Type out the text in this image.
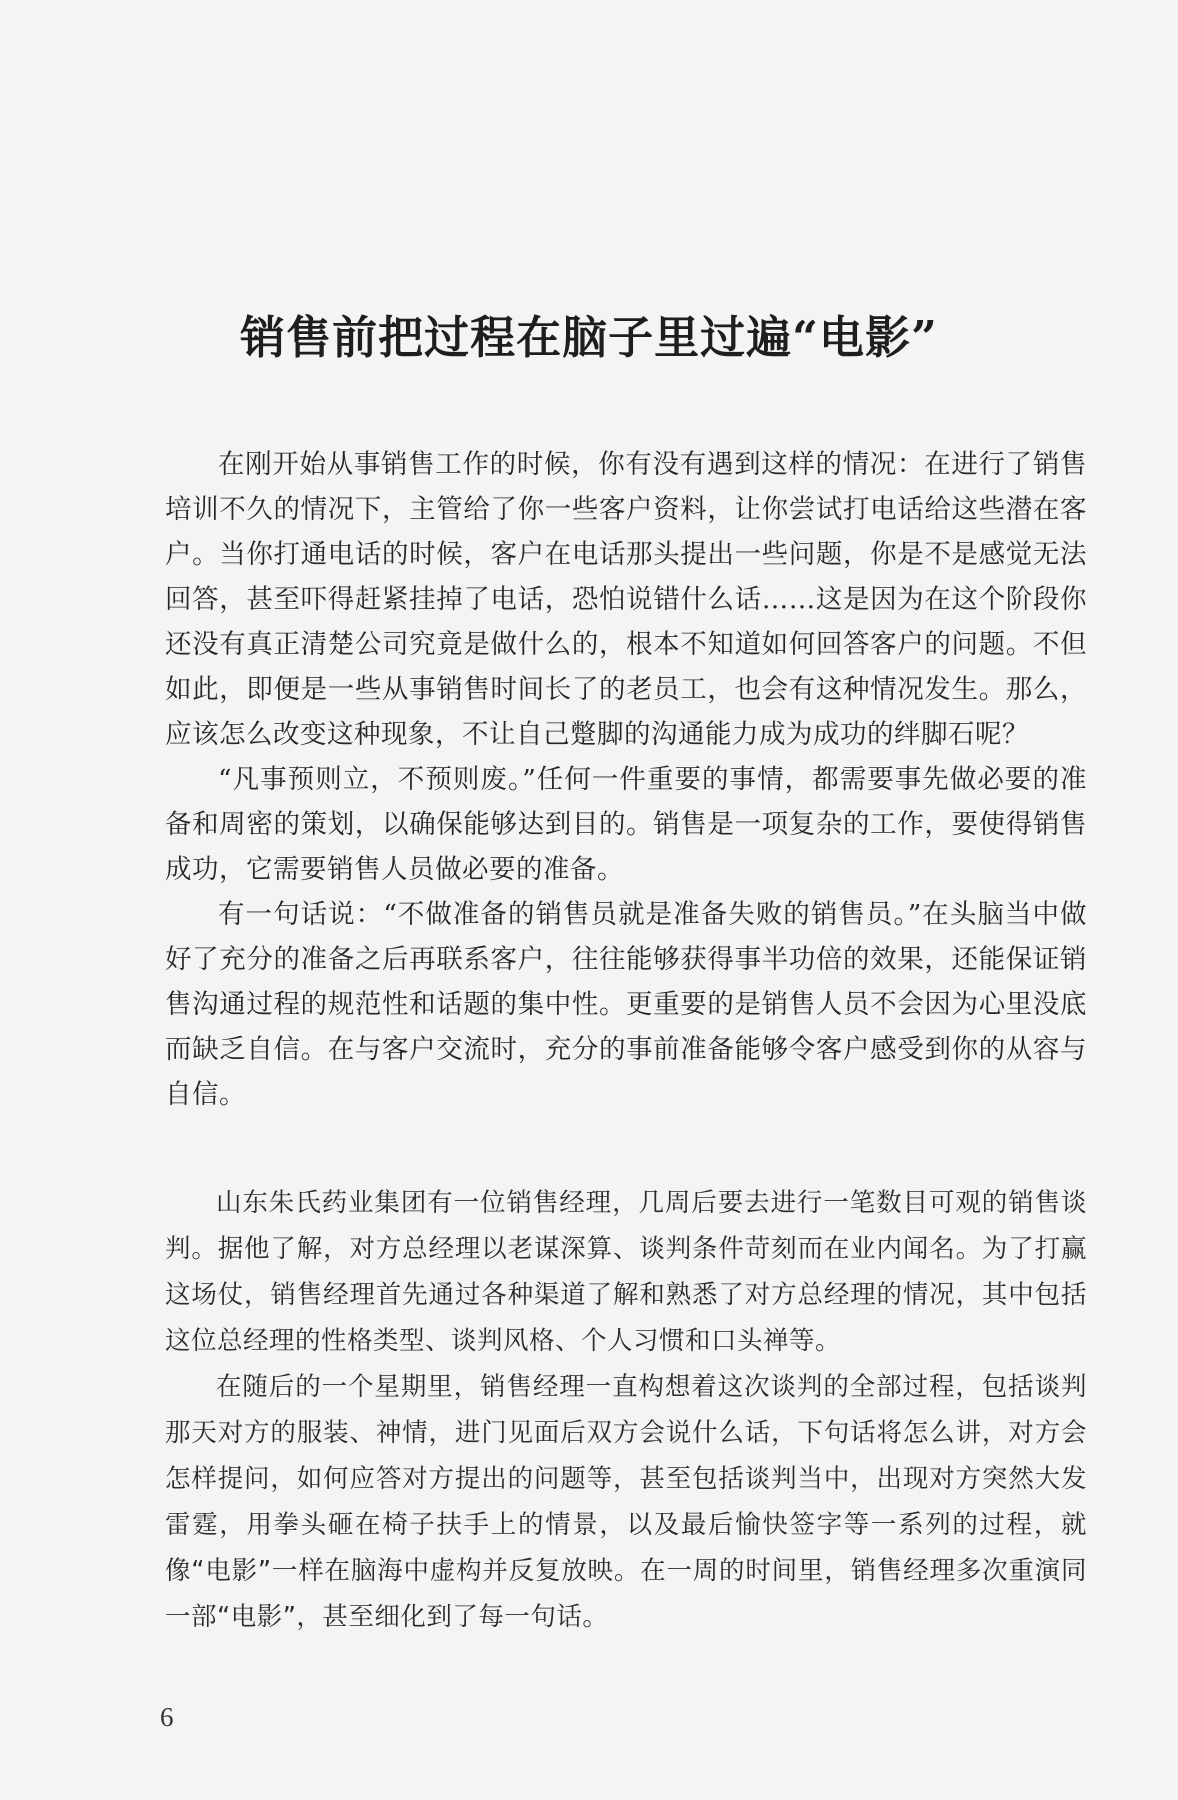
销售前把过程在脑子里过遍“电影”

在刚开始从事销售工作的时候，你有没有遇到这样的情况：在进行了销售培训不久的情况下，主管给了你一些客户资料，让你尝试打电话给这些潜在客户。当你打通电话的时候，客户在电话那头提出一些问题，你是不是感觉无法回答，甚至吓得赶紧挂掉了电话，恐怕说错什么话……这是因为在这个阶段你还没有真正清楚公司究竟是做什么的，根本不知道如何回答客户的问题。不但如此，即便是一些从事销售时间长了的老员工，也会有这种情况发生。那么，应该怎么改变这种现象，不让自己蹩脚的沟通能力成为成功的绊脚石呢？

“凡事预则立，不预则废。”任何一件重要的事情，都需要事先做必要的准备和周密的策划，以确保能够达到目的。销售是一项复杂的工作，要使得销售成功，它需要销售人员做必要的准备。

有一句话说：“不做准备的销售员就是准备失败的销售员。”在头脑当中做好了充分的准备之后再联系客户，往往能够获得事半功倍的效果，还能保证销售沟通过程的规范性和话题的集中性。更重要的是销售人员不会因为心里没底而缺乏自信。在与客户交流时，充分的事前准备能够令客户感受到你的从容与自信。

山东朱氏药业集团有一位销售经理，几周后要去进行一笔数目可观的销售谈判。据他了解，对方总经理以老谋深算、谈判条件苛刻而在业内闻名。为了打赢这场仗，销售经理首先通过各种渠道了解和熟悉了对方总经理的情况，其中包括这位总经理的性格类型、谈判风格、个人习惯和口头禅等。

在随后的一个星期里，销售经理一直构想着这次谈判的全部过程，包括谈判那天对方的服装、神情，进门见面后双方会说什么话，下句话将怎么讲，对方会怎样提问，如何应答对方提出的问题等，甚至包括谈判当中，出现对方突然大发雷霆，用拳头砸在椅子扶手上的情景，以及最后愉快签字等一系列的过程，就像“电影”一样在脑海中虚构并反复放映。在一周的时间里，销售经理多次重演同一部“电影”，甚至细化到了每一句话。

6
